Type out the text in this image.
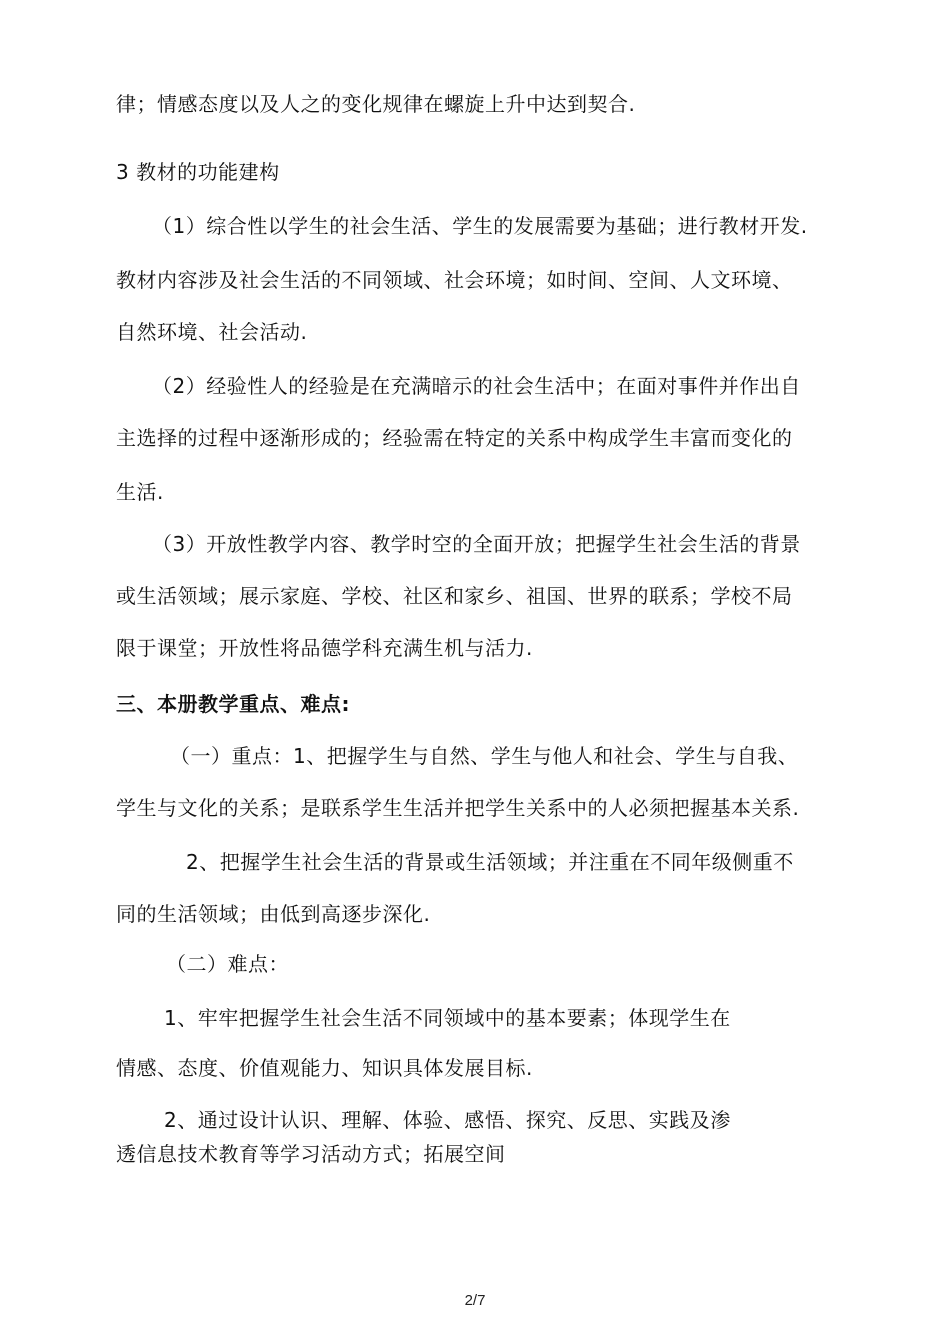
律；情感态度以及人之的变化规律在螺旋上升中达到契合.
3 教材的功能建构
（1）综合性以学生的社会生活、学生的发展需要为基础；进行教材开发.
教材内容涉及社会生活的不同领域、社会环境；如时间、空间、人文环境、
自然环境、社会活动.
（2）经验性人的经验是在充满暗示的社会生活中；在面对事件并作出自
主选择的过程中逐渐形成的；经验需在特定的关系中构成学生丰富而变化的
生活.
（3）开放性教学内容、教学时空的全面开放；把握学生社会生活的背景
或生活领域；展示家庭、学校、社区和家乡、祖国、世界的联系；学校不局
限于课堂；开放性将品德学科充满生机与活力.
三、本册教学重点、难点:
（一）重点：1、把握学生与自然、学生与他人和社会、学生与自我、
学生与文化的关系；是联系学生生活并把学生关系中的人必须把握基本关系.
2、把握学生社会生活的背景或生活领域；并注重在不同年级侧重不
同的生活领域；由低到高逐步深化.
（二）难点：
1、牢牢把握学生社会生活不同领域中的基本要素；体现学生在
情感、态度、价值观能力、知识具体发展目标.
2、通过设计认识、理解、体验、感悟、探究、反思、实践及渗
透信息技术教育等学习活动方式；拓展空间
2/7
